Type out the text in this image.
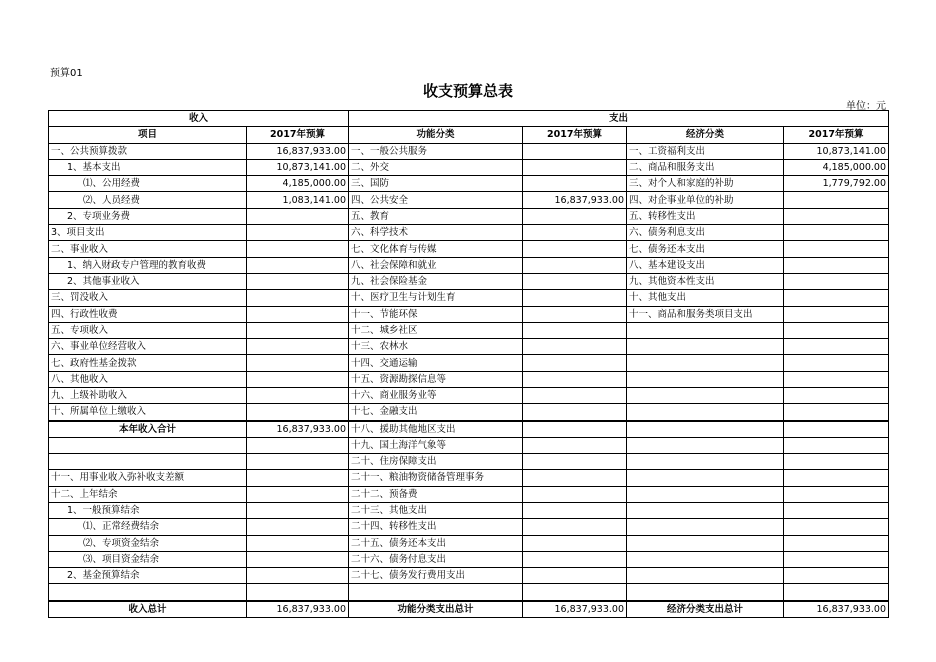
预算01
收支预算总表
单位：元
收入		支出			
项目	2017年预算	功能分类	2017年预算	经济分类	2017年预算
一、公共预算拨款	16,837,933.00	一、一般公共服务		一、工资福利支出	10,873,141.00
1、基本支出	10,873,141.00	二、外交		二、商品和服务支出	4,185,000.00
⑴、公用经费	4,185,000.00	三、国防		三、对个人和家庭的补助	1,779,792.00
⑵、人员经费	1,083,141.00	四、公共安全	16,837,933.00	四、对企事业单位的补助	
2、专项业务费		五、教育		五、转移性支出	
3、项目支出		六、科学技术		六、债务利息支出	
二、事业收入		七、文化体育与传媒		七、债务还本支出	
1、纳入财政专户管理的教育收费		八、社会保障和就业		八、基本建设支出	
2、其他事业收入		九、社会保险基金		九、其他资本性支出	
三、罚没收入		十、医疗卫生与计划生育		十、其他支出	
四、行政性收费		十一、节能环保		十一、商品和服务类项目支出	
五、专项收入		十二、城乡社区			
六、事业单位经营收入		十三、农林水			
七、政府性基金拨款		十四、交通运输			
八、其他收入		十五、资源勘探信息等			
九、上级补助收入		十六、商业服务业等			
十、所属单位上缴收入		十七、金融支出			
本年收入合计	16,837,933.00	十八、援助其他地区支出			
		十九、国土海洋气象等			
		二十、住房保障支出			
十一、用事业收入弥补收支差额		二十一、粮油物资储备管理事务			
十二、上年结余		二十二、预备费			
1、一般预算结余		二十三、其他支出			
⑴、正常经费结余		二十四、转移性支出			
⑵、专项资金结余		二十五、债务还本支出			
⑶、项目资金结余		二十六、债务付息支出			
2、基金预算结余		二十七、债务发行费用支出			

收入总计	16,837,933.00	功能分类支出总计	16,837,933.00	经济分类支出总计	16,837,933.00
